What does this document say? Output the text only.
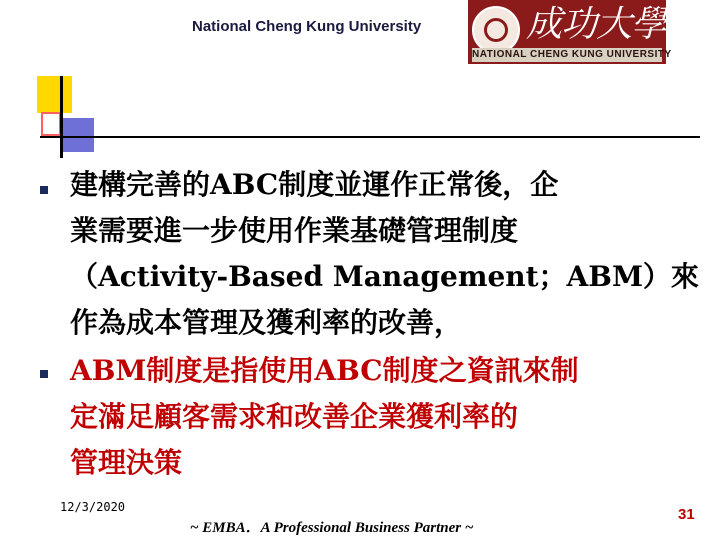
National Cheng Kung University	成功大學
NATIONAL CHENG KUNG UNIVERSITY
建構完善的ABC制度並運作正常後，企
業需要進一步使用作業基礎管理制度
（Activity-Based Management；ABM）來
作為成本管理及獲利率的改善，
ABM制度是指使用ABC制度之資訊來制
定滿足顧客需求和改善企業獲利率的
管理決策
12/3/2020
~ EMBA．A Professional Business Partner ~
31
